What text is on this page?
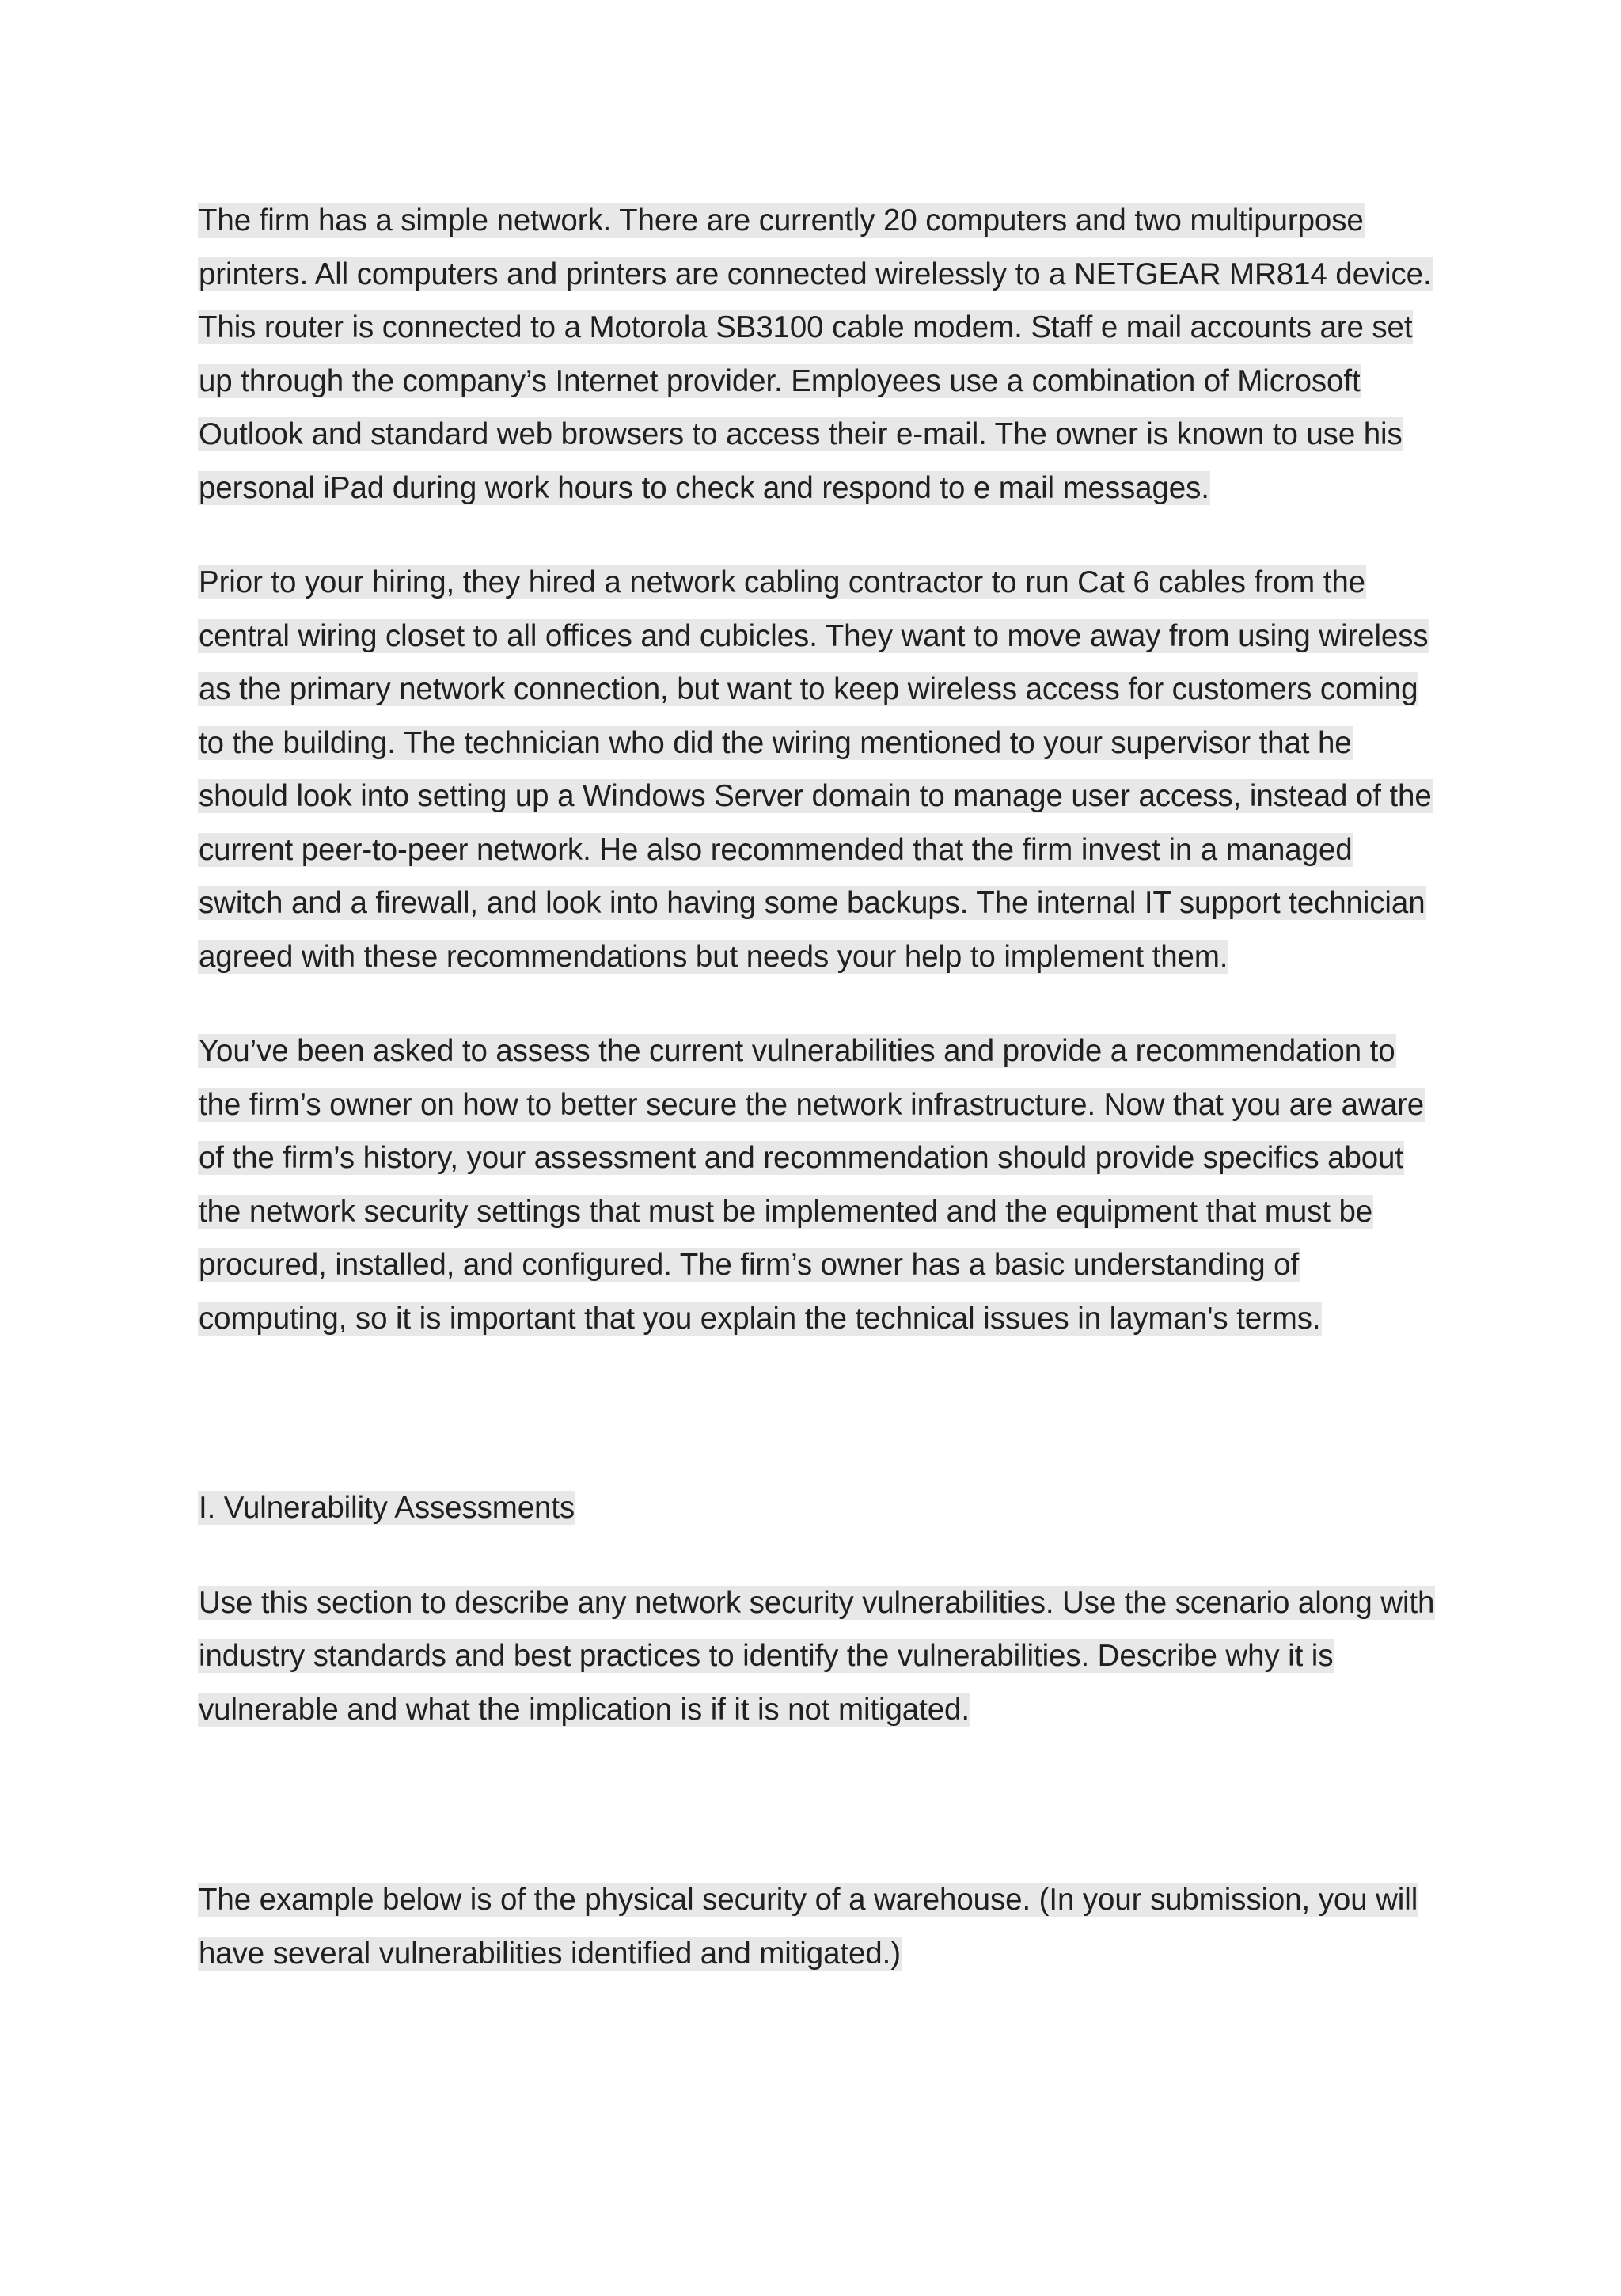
The firm has a simple network. There are currently 20 computers and two multipurpose
printers. All computers and printers are connected wirelessly to a NETGEAR MR814 device.
This router is connected to a Motorola SB3100 cable modem. Staff e mail accounts are set
up through the company’s Internet provider. Employees use a combination of Microsoft
Outlook and standard web browsers to access their e-mail. The owner is known to use his
personal iPad during work hours to check and respond to e mail messages.

Prior to your hiring, they hired a network cabling contractor to run Cat 6 cables from the
central wiring closet to all offices and cubicles. They want to move away from using wireless
as the primary network connection, but want to keep wireless access for customers coming
to the building. The technician who did the wiring mentioned to your supervisor that he
should look into setting up a Windows Server domain to manage user access, instead of the
current peer-to-peer network. He also recommended that the firm invest in a managed
switch and a firewall, and look into having some backups. The internal IT support technician
agreed with these recommendations but needs your help to implement them.

You’ve been asked to assess the current vulnerabilities and provide a recommendation to
the firm’s owner on how to better secure the network infrastructure. Now that you are aware
of the firm’s history, your assessment and recommendation should provide specifics about
the network security settings that must be implemented and the equipment that must be
procured, installed, and configured. The firm’s owner has a basic understanding of
computing, so it is important that you explain the technical issues in layman's terms.

I. Vulnerability Assessments

Use this section to describe any network security vulnerabilities. Use the scenario along with
industry standards and best practices to identify the vulnerabilities. Describe why it is
vulnerable and what the implication is if it is not mitigated.

The example below is of the physical security of a warehouse. (In your submission, you will
have several vulnerabilities identified and mitigated.)
